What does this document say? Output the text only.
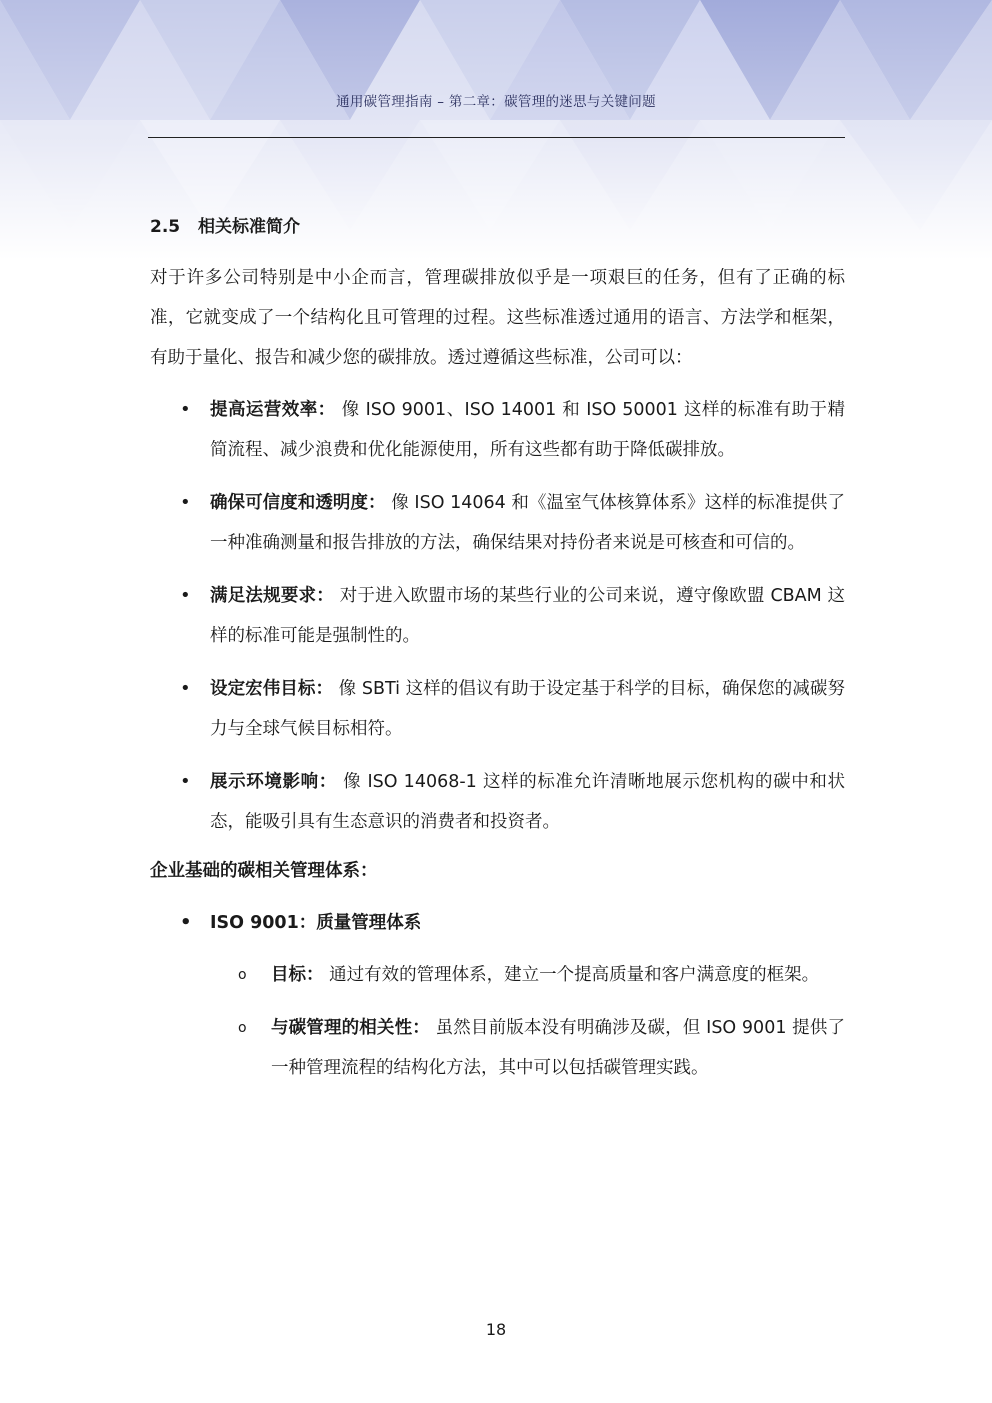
通用碳管理指南 – 第二章：碳管理的迷思与关键问题
2.5 相关标准简介

对于许多公司特别是中小企而言，管理碳排放似乎是一项艰巨的任务，但有了正确的标准，它就变成了一个结构化且可管理的过程。这些标准透过通用的语言、方法学和框架，有助于量化、报告和减少您的碳排放。透过遵循这些标准，公司可以：

• 提高运营效率： 像 ISO 9001、ISO 14001 和 ISO 50001 这样的标准有助于精简流程、减少浪费和优化能源使用，所有这些都有助于降低碳排放。
• 确保可信度和透明度： 像 ISO 14064 和《温室气体核算体系》这样的标准提供了一种准确测量和报告排放的方法，确保结果对持份者来说是可核查和可信的。
• 满足法规要求： 对于进入欧盟市场的某些行业的公司来说，遵守像欧盟 CBAM 这样的标准可能是强制性的。
• 设定宏伟目标： 像 SBTi 这样的倡议有助于设定基于科学的目标，确保您的减碳努力与全球气候目标相符。
• 展示环境影响： 像 ISO 14068-1 这样的标准允许清晰地展示您机构的碳中和状态，能吸引具有生态意识的消费者和投资者。
企业基础的碳相关管理体系：
• ISO 9001：质量管理体系
o 目标： 通过有效的管理体系，建立一个提高质量和客户满意度的框架。
o 与碳管理的相关性： 虽然目前版本没有明确涉及碳，但 ISO 9001 提供了一种管理流程的结构化方法，其中可以包括碳管理实践。
18
